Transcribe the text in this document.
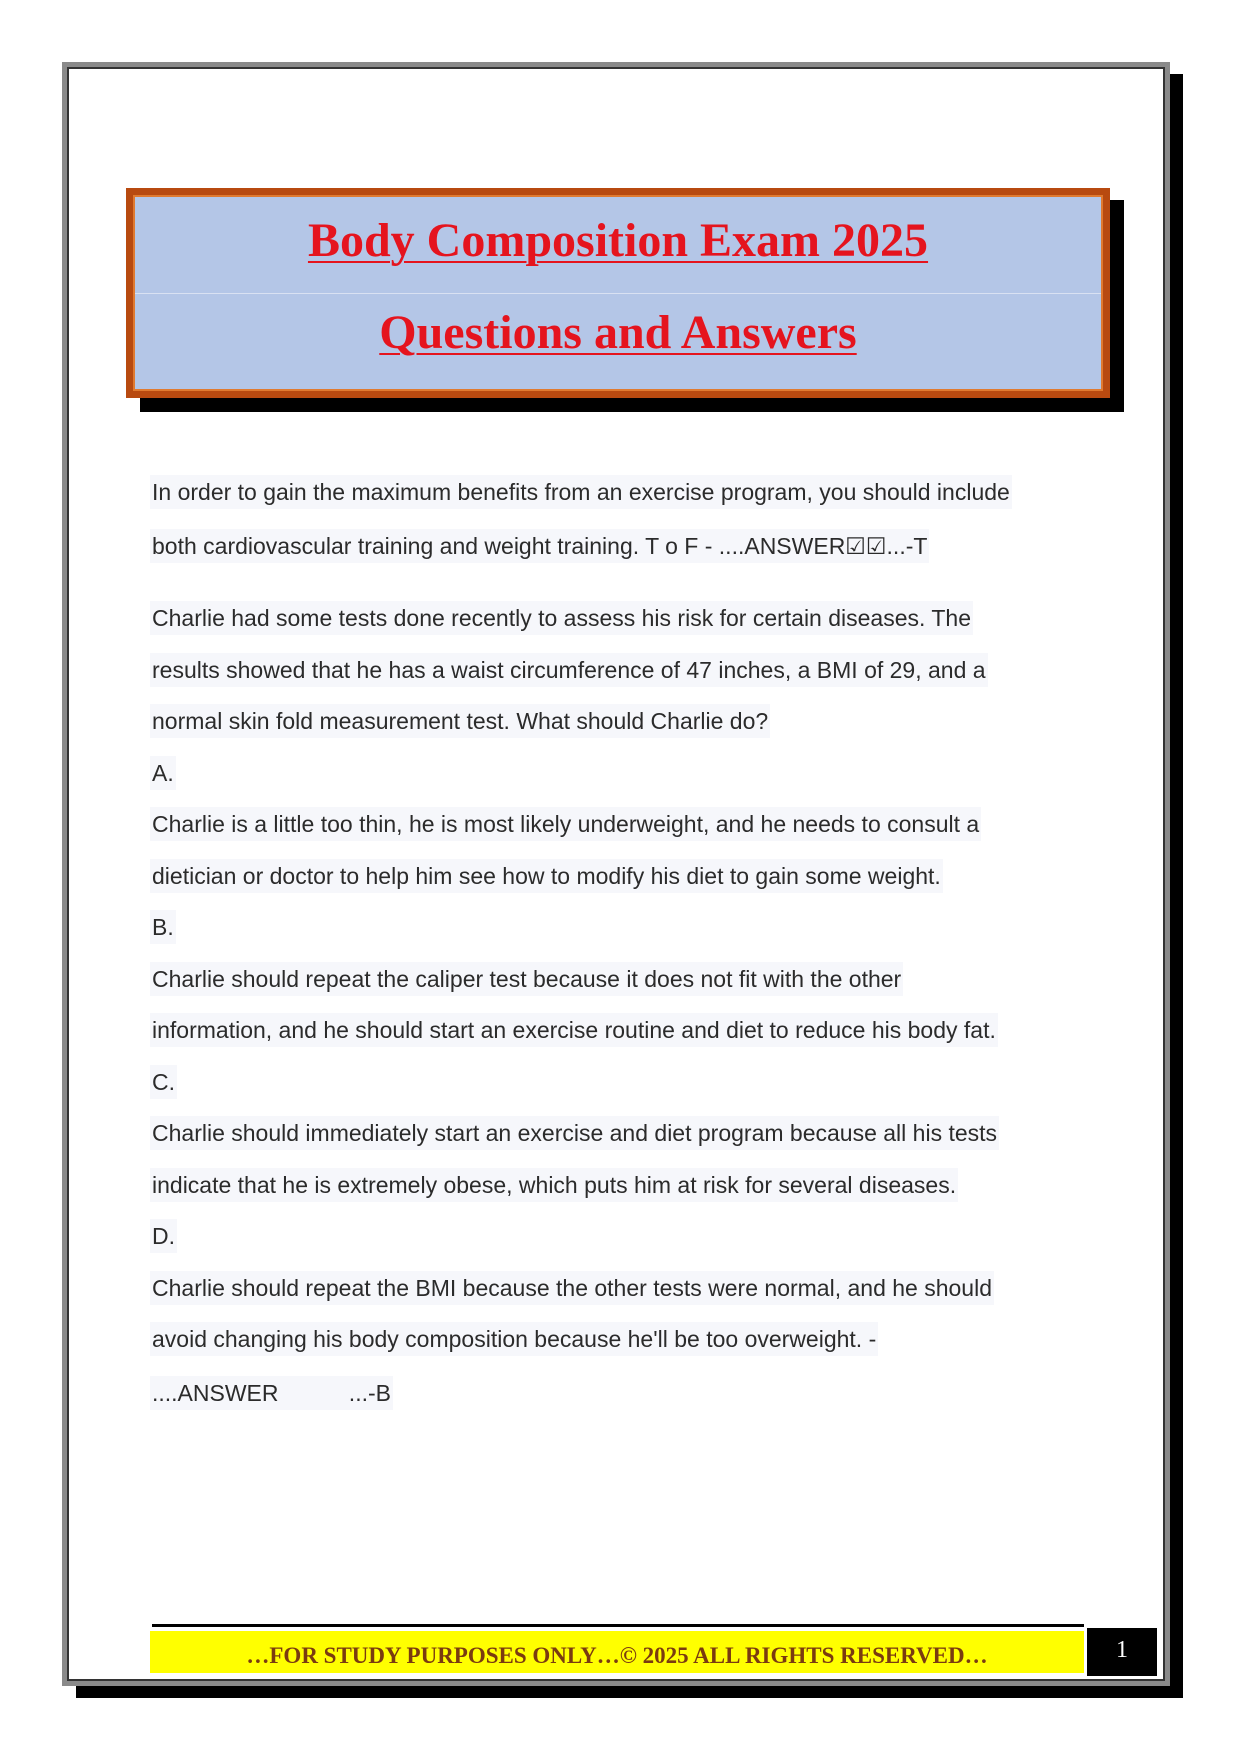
Body Composition Exam 2025
Questions and Answers
In order to gain the maximum benefits from an exercise program, you should include
both cardiovascular training and weight training. T o F - ....ANSWER☑☑...-T
Charlie had some tests done recently to assess his risk for certain diseases. The
results showed that he has a waist circumference of 47 inches, a BMI of 29, and a
normal skin fold measurement test. What should Charlie do?
A.
Charlie is a little too thin, he is most likely underweight, and he needs to consult a
dietician or doctor to help him see how to modify his diet to gain some weight.
B.
Charlie should repeat the caliper test because it does not fit with the other
information, and he should start an exercise routine and diet to reduce his body fat.
C.
Charlie should immediately start an exercise and diet program because all his tests
indicate that he is extremely obese, which puts him at risk for several diseases.
D.
Charlie should repeat the BMI because the other tests were normal, and he should
avoid changing his body composition because he'll be too overweight. -
....ANSWER           ...-B
…FOR STUDY PURPOSES ONLY…© 2025 ALL RIGHTS RESERVED…	1
